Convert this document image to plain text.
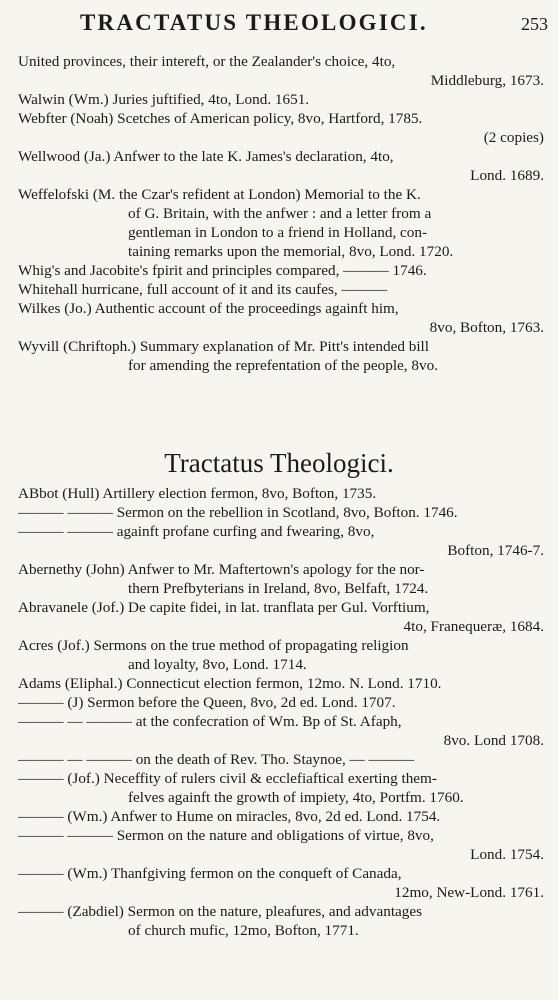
TRACTATUS THEOLOGICI.	253
United provinces, their intereft, or the Zealander's choice, 4to,
Middleburg, 1673.
Walwin (Wm.) Juries juftified, 4to, Lond. 1651.
Webfter (Noah) Scetches of American policy, 8vo, Hartford, 1785.
(2 copies)
Wellwood (Ja.) Anfwer to the late K. James's declaration, 4to,
Lond. 1689.
Weffelofski (M. the Czar's refident at London) Memorial to the K.
of G. Britain, with the anfwer : and a letter from a
gentleman in London to a friend in Holland, con-
taining remarks upon the memorial, 8vo, Lond. 1720.
Whig's and Jacobite's fpirit and principles compared, ——— 1746.
Whitehall hurricane, full account of it and its caufes, ———
Wilkes (Jo.) Authentic account of the proceedings againft him,
8vo, Bofton, 1763.
Wyvill (Chriftoph.) Summary explanation of Mr. Pitt's intended bill
for amending the reprefentation of the people, 8vo.
Tractatus Theologici.
ABbot (Hull) Artillery election fermon, 8vo, Bofton, 1735.
——— ——— Sermon on the rebellion in Scotland, 8vo, Bofton. 1746.
——— ——— againft profane curfing and fwearing, 8vo,
Bofton, 1746-7.
Abernethy (John) Anfwer to Mr. Maftertown's apology for the nor-
thern Prefbyterians in Ireland, 8vo, Belfaft, 1724.
Abravanele (Jof.) De capite fidei, in lat. tranflata per Gul. Vorftium,
4to, Franequeræ, 1684.
Acres (Jof.) Sermons on the true method of propagating religion
and loyalty, 8vo, Lond. 1714.
Adams (Eliphal.) Connecticut election fermon, 12mo. N. Lond. 1710.
——— (J) Sermon before the Queen, 8vo, 2d ed. Lond. 1707.
——— — ——— at the confecration of Wm. Bp of St. Afaph,
8vo. Lond 1708.
——— — ——— on the death of Rev. Tho. Staynoe, — ———
——— (Jof.) Neceffity of rulers civil & ecclefiaftical exerting them-
felves againft the growth of impiety, 4to, Portfm. 1760.
——— (Wm.) Anfwer to Hume on miracles, 8vo, 2d ed. Lond. 1754.
——— ——— Sermon on the nature and obligations of virtue, 8vo,
Lond. 1754.
——— (Wm.) Thanfgiving fermon on the conqueft of Canada,
12mo, New-Lond. 1761.
——— (Zabdiel) Sermon on the nature, pleafures, and advantages
of church mufic, 12mo, Bofton, 1771.
